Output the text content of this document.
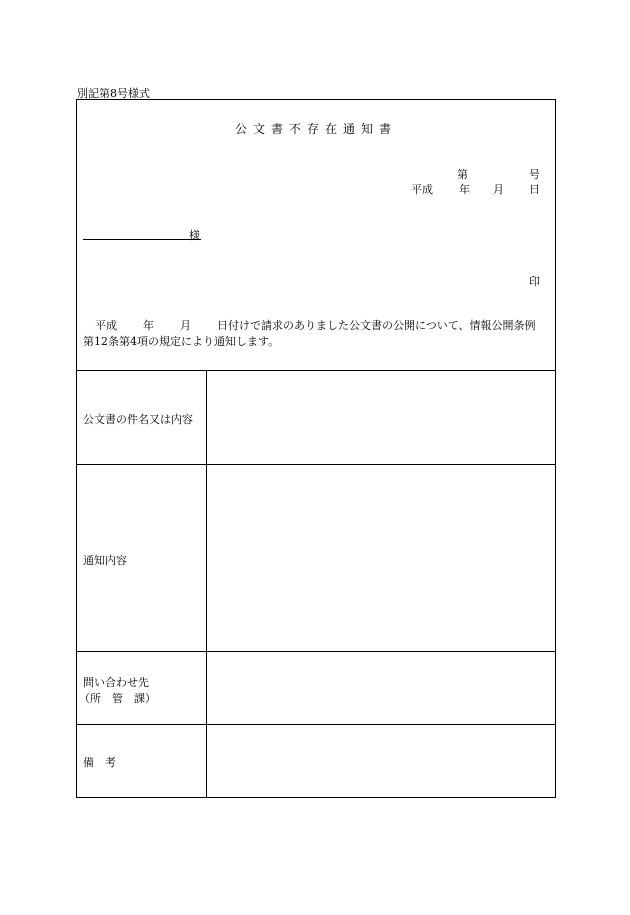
別記第8号様式
公文書不存在通知書
第	号
平成 年 月 日
様
印
平成 年 月 日付けで請求のありました公文書の公開について、情報公開条例
第12条第4項の規定により通知します。
公文書の件名又は内容
通知内容
問い合わせ先
（所　管　課）
備　考
